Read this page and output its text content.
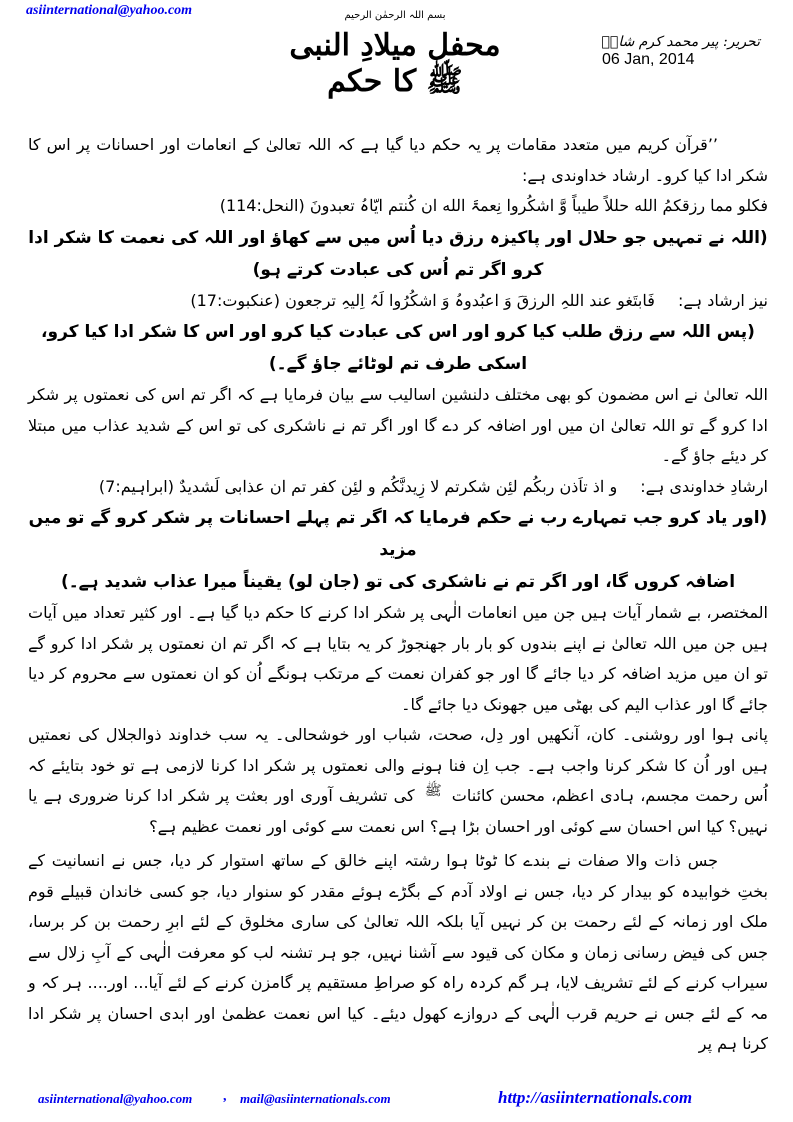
asiinternational@yahoo.com	بسم اللہ الرحمٰن الرحیم
محفل میلادِ النبی ﷺ کا حکم
تحریر: پیر محمد کرم شاہؒ
06 Jan, 2014

’’قرآن کریم میں متعدد مقامات پر یہ حکم دیا گیا ہے کہ اللہ تعالیٰ کے انعامات اور احسانات پر اس کا شکر ادا کیا کرو۔ ارشاد خداوندی ہے:

فکلو مما رزقکمُ الله حللاً طیباً وَّ اشکُروا نِعمۃَ الله ان کُنتم ایّاہُ تعبدونَ (النحل:114)

(اللہ نے تمہیں جو حلال اور پاکیزہ رزق دیا اُس میں سے کھاؤ اور اللہ کی نعمت کا شکر ادا کرو اگر تم اُس کی عبادت کرتے ہو)

نیز ارشاد ہے: فَابتَغو عند اللہِ الرزقَ وَ اعبُدوہُ وَ اشکُرُوا لَہُ اِلیہِ ترجعون (عنکبوت:17)

(پس اللہ سے رزق طلب کیا کرو اور اس کی عبادت کیا کرو اور اس کا شکر ادا کیا کرو، اسکی طرف تم لوٹائے جاؤ گے۔)

اللہ تعالیٰ نے اس مضمون کو بھی مختلف دلنشین اسالیب سے بیان فرمایا ہے کہ اگر تم اس کی نعمتوں پر شکر ادا کرو گے تو اللہ تعالیٰ ان میں اور اضافہ کر دے گا اور اگر تم نے ناشکری کی تو اس کے شدید عذاب میں مبتلا کر دیئے جاؤ گے۔

ارشادِ خداوندی ہے: و اذ تاَذن ربکُم لئِن شکرتم لا زِیدنَّکُم و لئِن کفر تم ان عذابی لَشدیدٌ (ابراہیم:7)

(اور یاد کرو جب تمہارے رب نے حکم فرمایا کہ اگر تم پہلے احسانات پر شکر کرو گے تو میں مزید

اضافہ کروں گا، اور اگر تم نے ناشکری کی تو (جان لو) یقیناً میرا عذاب شدید ہے۔)

المختصر، بے شمار آیات ہیں جن میں انعامات الٰہی پر شکر ادا کرنے کا حکم دیا گیا ہے۔ اور کثیر تعداد میں آیات ہیں جن میں اللہ تعالیٰ نے اپنے بندوں کو بار بار جھنجوڑ کر یہ بتایا ہے کہ اگر تم ان نعمتوں پر شکر ادا کرو گے تو ان میں مزید اضافہ کر دیا جائے گا اور جو کفران نعمت کے مرتکب ہونگے اُن کو ان نعمتوں سے محروم کر دیا جائے گا اور عذاب الیم کی بھٹی میں جھونک دیا جائے گا۔

پانی ہوا اور روشنی۔ کان، آنکھیں اور دِل، صحت، شباب اور خوشحالی۔ یہ سب خداوند ذوالجلال کی نعمتیں ہیں اور اُن کا شکر کرنا واجب ہے۔ جب اِن فنا ہونے والی نعمتوں پر شکر ادا کرنا لازمی ہے تو خود بتایئے کہ اُس رحمت مجسم، ہادی اعظم، محسن کائنات ﷺ کی تشریف آوری اور بعثت پر شکر ادا کرنا ضروری ہے یا نہیں؟ کیا اس احسان سے کوئی اور احسان بڑا ہے؟ اس نعمت سے کوئی اور نعمت عظیم ہے؟

جس ذات والا صفات نے بندے کا ٹوٹا ہوا رشتہ اپنے خالق کے ساتھ استوار کر دیا، جس نے انسانیت کے بختِ خوابیدہ کو بیدار کر دیا، جس نے اولاد آدم کے بگڑے ہوئے مقدر کو سنوار دیا، جو کسی خاندان قبیلے قوم ملک اور زمانہ کے لئے رحمت بن کر نہیں آیا بلکہ اللہ تعالیٰ کی ساری مخلوق کے لئے ابرِ رحمت بن کر برسا، جس کی فیض رسانی زمان و مکان کی قیود سے آشنا نہیں، جو ہر تشنہ لب کو معرفت الٰہی کے آبِ زلال سے سیراب کرنے کے لئے تشریف لایا، ہر گم کردہ راہ کو صراطِ مستقیم پر گامزن کرنے کے لئے آیا... اور.... ہر کہ و مہ کے لئے جس نے حریم قرب الٰہی کے دروازے کھول دیئے۔ کیا اس نعمت عظمیٰ اور ابدی احسان پر شکر ادا کرنا ہم پر

asiinternational@yahoo.com , mail@asiinternationals.com	http://asiinternationals.com
